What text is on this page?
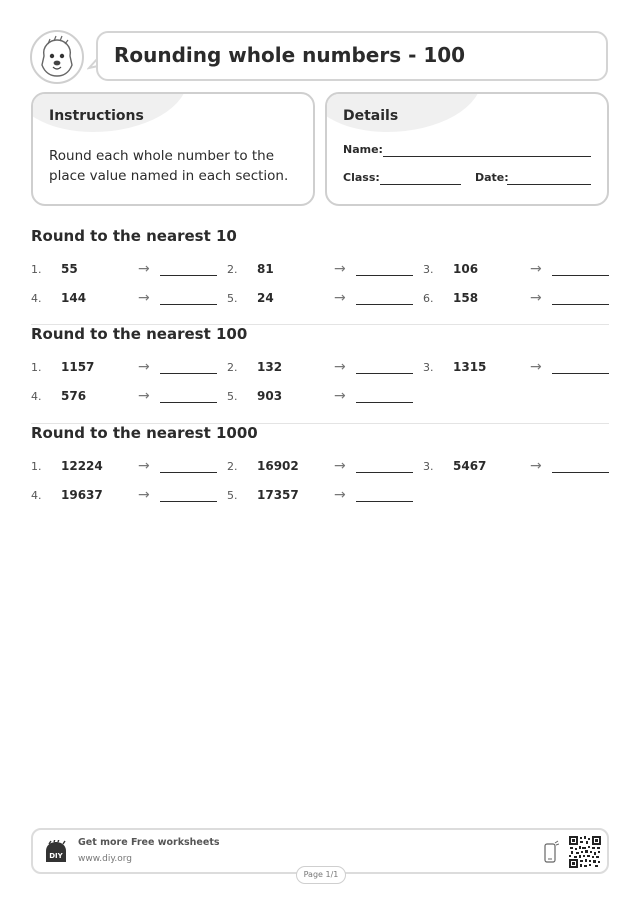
Rounding whole numbers - 100
Instructions
Round each whole number to the place value named in each section.
Details
Name:
Class:	Date:
Round to the nearest 10
1. 55	→	2. 81	→	3. 106	→
4. 144	→	5. 24	→	6. 158	→
Round to the nearest 100
1. 1157	→	2. 132	→	3. 1315	→
4. 576	→	5. 903	→
Round to the nearest 1000
1. 12224	→	2. 16902	→	3. 5467	→
4. 19637	→	5. 17357	→
DIY
Get more Free worksheets
www.diy.org
Page 1/1
